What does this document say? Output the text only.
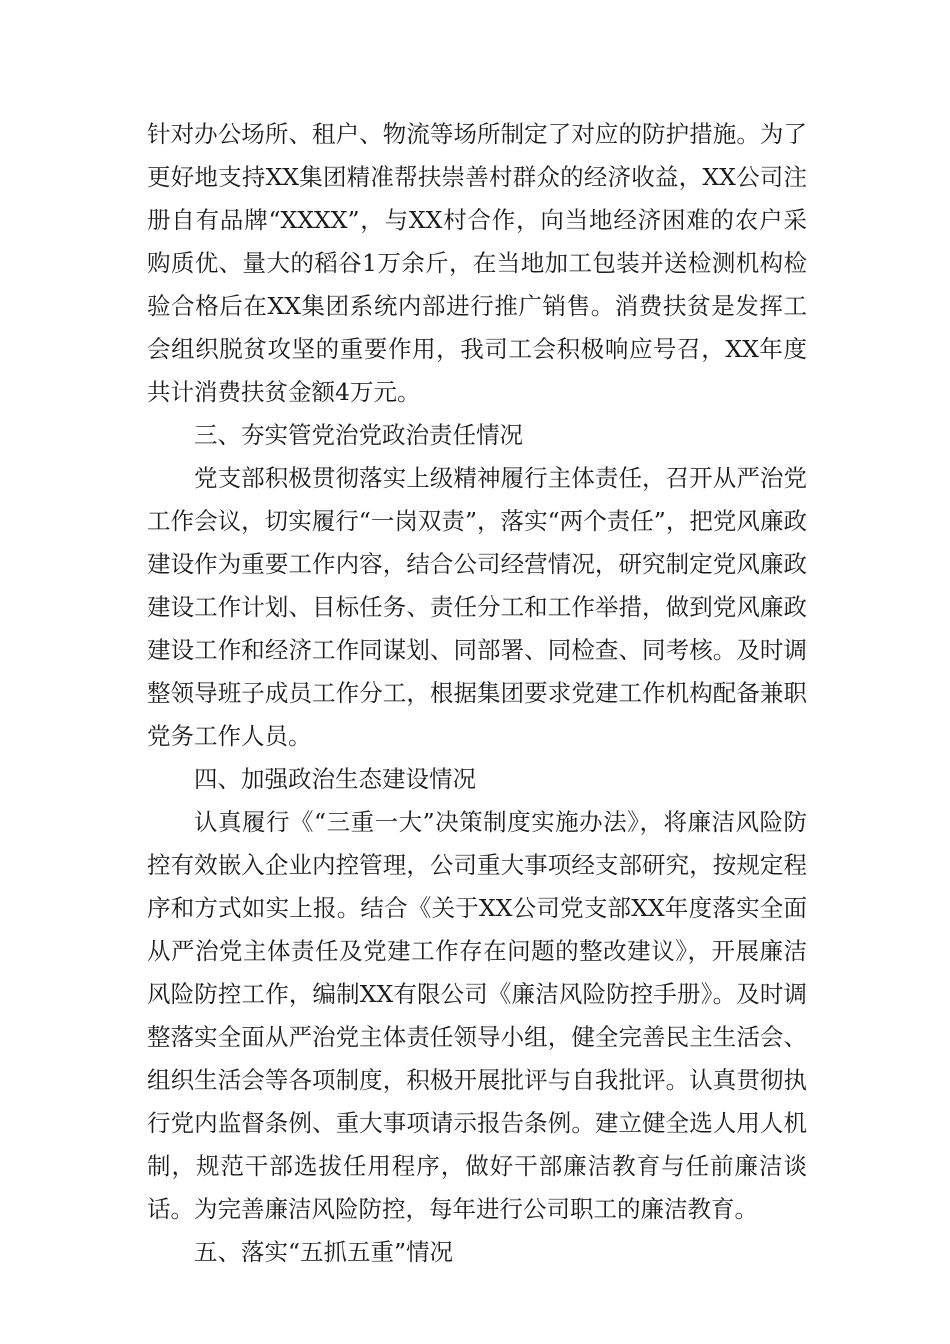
针对办公场所、租户、物流等场所制定了对应的防护措施。为了更好地支持XX集团精准帮扶崇善村群众的经济收益，XX公司注册自有品牌“XXXX”，与XX村合作，向当地经济困难的农户采购质优、量大的稻谷1万余斤，在当地加工包装并送检测机构检验合格后在XX集团系统内部进行推广销售。消费扶贫是发挥工会组织脱贫攻坚的重要作用，我司工会积极响应号召，XX年度共计消费扶贫金额4万元。

三、夯实管党治党政治责任情况

党支部积极贯彻落实上级精神履行主体责任，召开从严治党工作会议，切实履行“一岗双责”，落实“两个责任”，把党风廉政建设作为重要工作内容，结合公司经营情况，研究制定党风廉政建设工作计划、目标任务、责任分工和工作举措，做到党风廉政建设工作和经济工作同谋划、同部署、同检查、同考核。及时调整领导班子成员工作分工，根据集团要求党建工作机构配备兼职党务工作人员。

四、加强政治生态建设情况

认真履行《“三重一大”决策制度实施办法》，将廉洁风险防控有效嵌入企业内控管理，公司重大事项经支部研究，按规定程序和方式如实上报。结合《关于XX公司党支部XX年度落实全面从严治党主体责任及党建工作存在问题的整改建议》，开展廉洁风险防控工作，编制XX有限公司《廉洁风险防控手册》。及时调整落实全面从严治党主体责任领导小组，健全完善民主生活会、组织生活会等各项制度，积极开展批评与自我批评。认真贯彻执行党内监督条例、重大事项请示报告条例。建立健全选人用人机制，规范干部选拔任用程序，做好干部廉洁教育与任前廉洁谈话。为完善廉洁风险防控，每年进行公司职工的廉洁教育。

五、落实“五抓五重”情况
